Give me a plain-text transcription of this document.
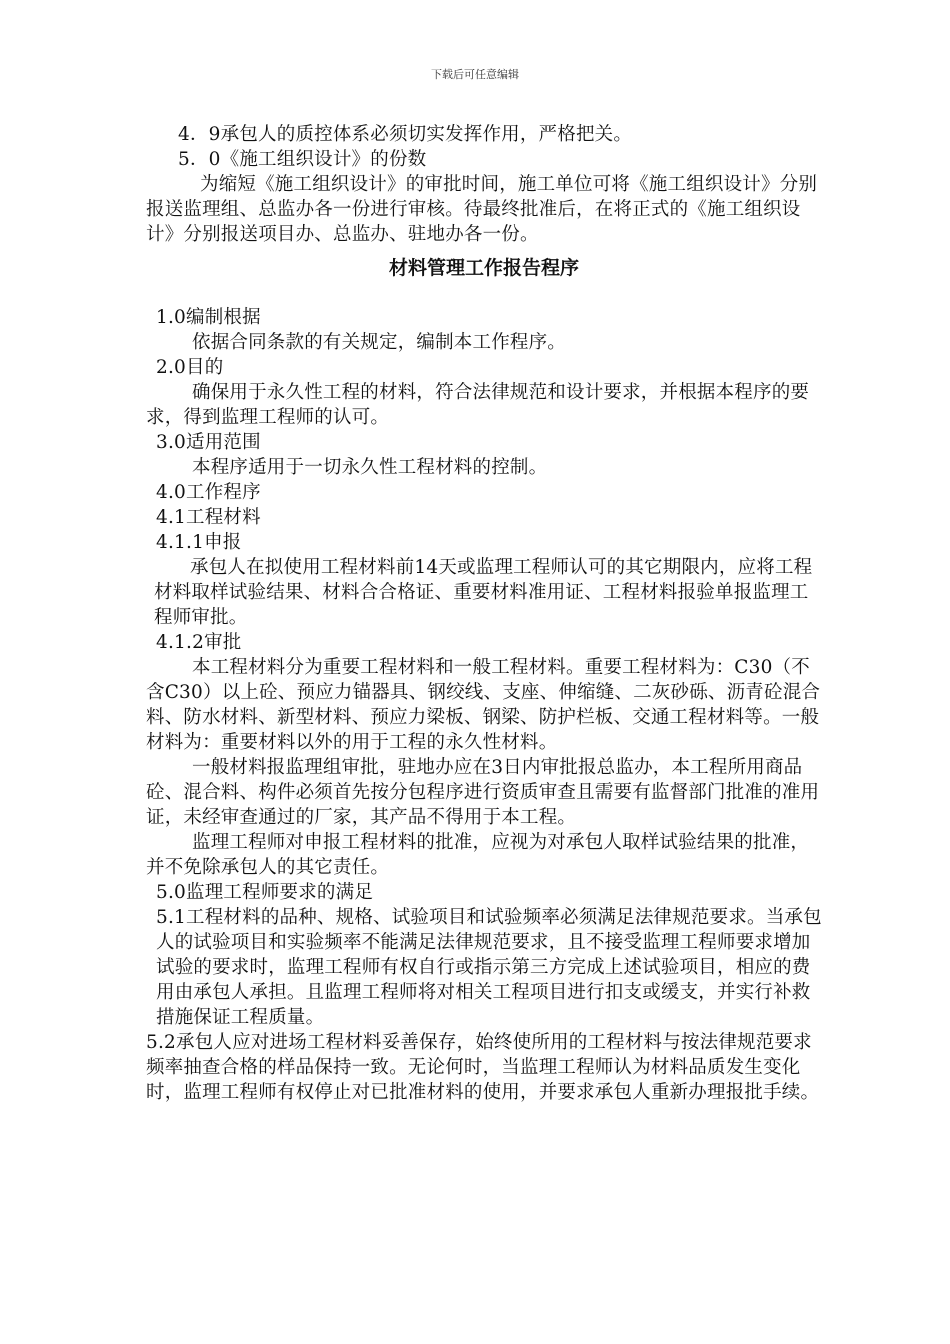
下载后可任意编辑

4．9承包人的质控体系必须切实发挥作用，严格把关。

5．0《施工组织设计》的份数

为缩短《施工组织设计》的审批时间，施工单位可将《施工组织设计》分别报送监理组、总监办各一份进行审核。待最终批准后，在将正式的《施工组织设计》分别报送项目办、总监办、驻地办各一份。

材料管理工作报告程序

1.0编制根据

依据合同条款的有关规定，编制本工作程序。

2.0目的

确保用于永久性工程的材料，符合法律规范和设计要求，并根据本程序的要求，得到监理工程师的认可。

3.0适用范围

本程序适用于一切永久性工程材料的控制。

4.0工作程序

4.1工程材料

4.1.1申报

承包人在拟使用工程材料前14天或监理工程师认可的其它期限内，应将工程材料取样试验结果、材料合合格证、重要材料准用证、工程材料报验单报监理工程师审批。

4.1.2审批

本工程材料分为重要工程材料和一般工程材料。重要工程材料为：C30（不含C30）以上砼、预应力锚器具、钢绞线、支座、伸缩缝、二灰砂砾、沥青砼混合料、防水材料、新型材料、预应力梁板、钢梁、防护栏板、交通工程材料等。一般材料为：重要材料以外的用于工程的永久性材料。

一般材料报监理组审批，驻地办应在3日内审批报总监办，本工程所用商品砼、混合料、构件必须首先按分包程序进行资质审查且需要有监督部门批准的准用证，未经审查通过的厂家，其产品不得用于本工程。

监理工程师对申报工程材料的批准，应视为对承包人取样试验结果的批准，并不免除承包人的其它责任。

5.0监理工程师要求的满足

5.1工程材料的品种、规格、试验项目和试验频率必须满足法律规范要求。当承包人的试验项目和实验频率不能满足法律规范要求，且不接受监理工程师要求增加试验的要求时，监理工程师有权自行或指示第三方完成上述试验项目，相应的费用由承包人承担。且监理工程师将对相关工程项目进行扣支或缓支，并实行补救措施保证工程质量。

5.2承包人应对进场工程材料妥善保存，始终使所用的工程材料与按法律规范要求频率抽查合格的样品保持一致。无论何时，当监理工程师认为材料品质发生变化时，监理工程师有权停止对已批准材料的使用，并要求承包人重新办理报批手续。
